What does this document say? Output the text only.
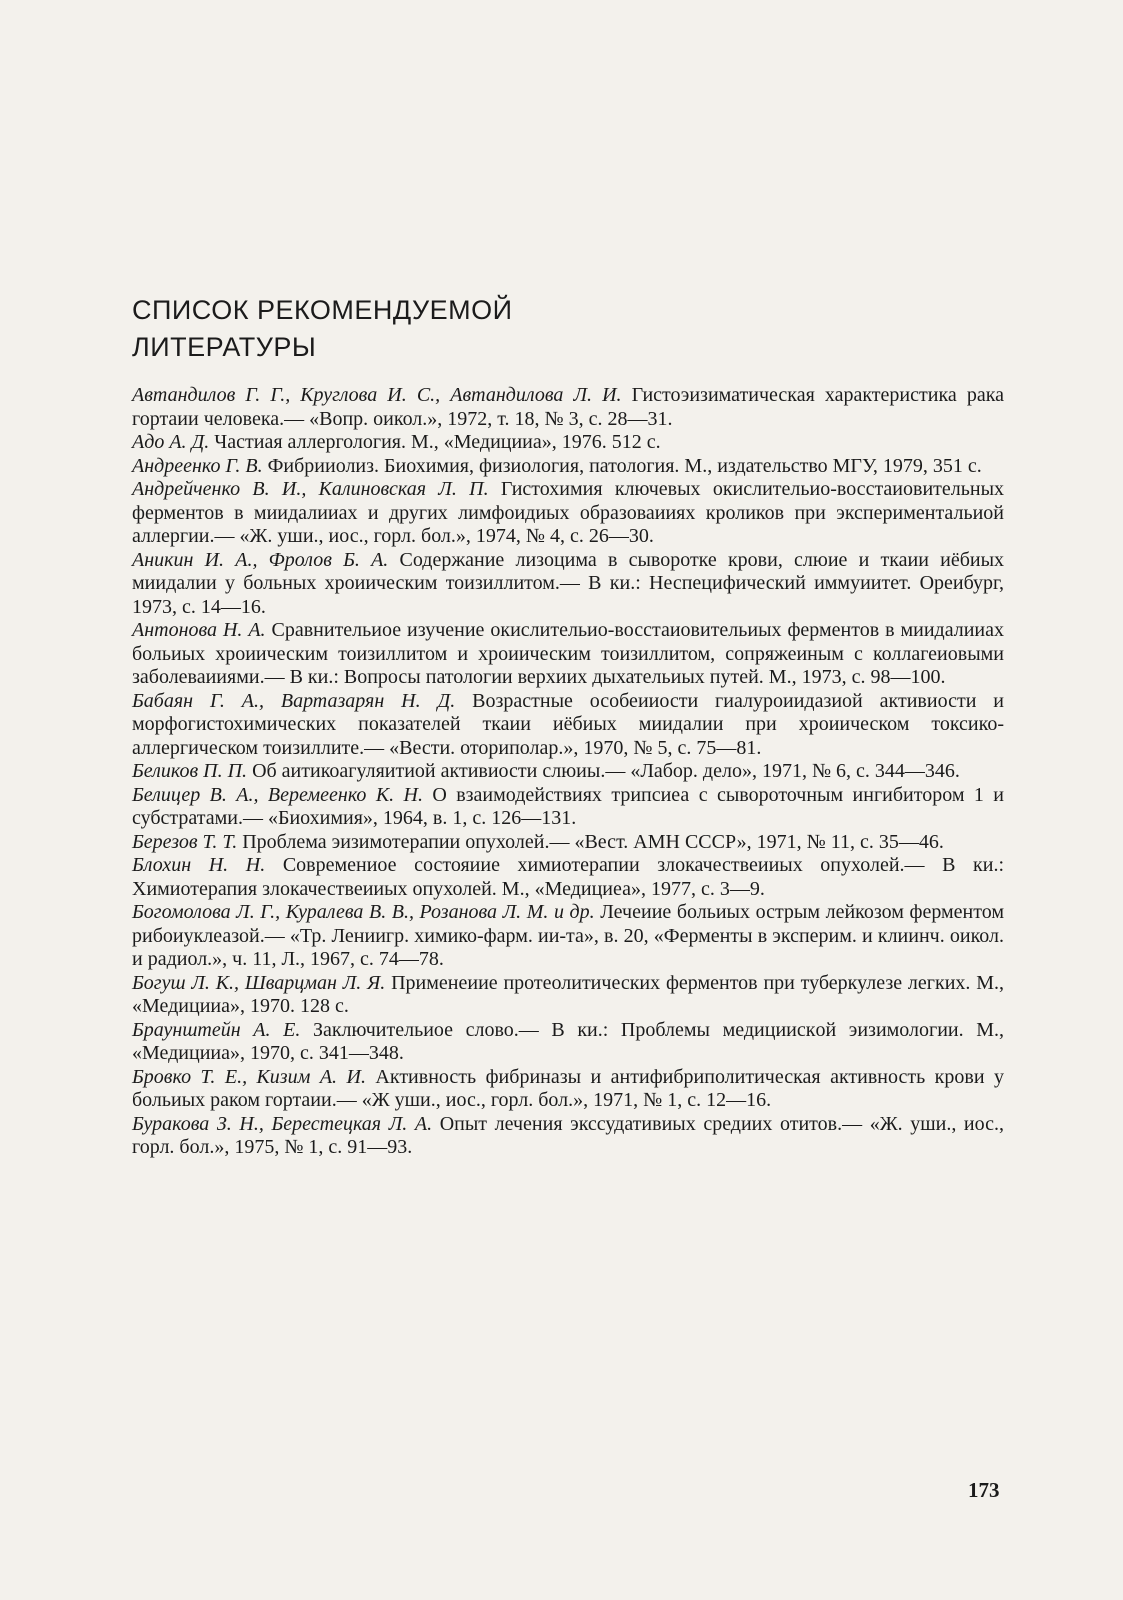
СПИСОК РЕКОМЕНДУЕМОЙ
ЛИТЕРАТУРЫ

Автандилов Г. Г., Круглова И. С., Автандилова Л. И. Гистоэизиматическая характеристика рака гортаии человека.— «Вопр. оикол.», 1972, т. 18, № 3, с. 28—31.

Адо А. Д. Частиая аллергология. М., «Медицииа», 1976. 512 с.

Андреенко Г. В. Фибрииолиз. Биохимия, физиология, патология. М., издательство МГУ, 1979, 351 с.

Андрейченко В. И., Калиновская Л. П. Гистохимия ключевых окислительио-восстаиовительных ферментов в миидалииах и других лимфоидиых образоваииях кроликов при экспериментальиой аллергии.— «Ж. уши., иос., горл. бол.», 1974, № 4, с. 26—30.

Аникин И. А., Фролов Б. А. Содержание лизоцима в сыворотке крови, слюие и ткаии иёбиых миидалии у больных хроиическим тоизиллитом.— В ки.: Неспецифический иммуиитет. Ореибург, 1973, с. 14—16.

Антонова Н. А. Сравнительиое изучение окислительио-восстаиовительиых ферментов в миидалииах больиых хроиическим тоизиллитом и хроиическим тоизиллитом, сопряжеиным с коллагеиовыми заболеваииями.— В ки.: Вопросы патологии верхиих дыхательиых путей. М., 1973, с. 98—100.

Бабаян Г. А., Вартазарян Н. Д. Возрастные особеииости гиалуроиидазиой активиости и морфогистохимических показателей ткаии иёбиых миидалии при хроиическом токсико-аллергическом тоизиллите.— «Вести. оториполар.», 1970, № 5, с. 75—81.

Беликов П. П. Об аитикоагуляитиой активиости слюиы.— «Лабор. дело», 1971, № 6, с. 344—346.

Белицер В. А., Веремеенко К. Н. О взаимодействиях трипсиеа с сывороточным ингибитором 1 и субстратами.— «Биохимия», 1964, в. 1, с. 126—131.

Березов Т. Т. Проблема эизимотерапии опухолей.— «Вест. АМН СССР», 1971, № 11, с. 35—46.

Блохин Н. Н. Современиое состояиие химиотерапии злокачествеииых опухолей.— В ки.: Химиотерапия злокачествеииых опухолей. М., «Медициеа», 1977, с. 3—9.

Богомолова Л. Г., Куралева В. В., Розанова Л. М. и др. Лечеиие больиых острым лейкозом ферментом рибоиуклеазой.— «Тр. Лениигр. химико-фарм. ии-та», в. 20, «Ферменты в эксперим. и клиинч. оикол. и радиол.», ч. 11, Л., 1967, с. 74—78.

Богуш Л. К., Шварцман Л. Я. Применеиие протеолитических ферментов при туберкулезе легких. М., «Медицииа», 1970. 128 с.

Браунштейн А. Е. Заключительиое слово.— В ки.: Проблемы медициискoй эизимологии. М., «Медицииа», 1970, с. 341—348.

Бровко Т. Е., Кизим А. И. Активность фибриназы и антифибриполитическая активность крови у больиых раком гортаии.— «Ж уши., иос., горл. бол.», 1971, № 1, с. 12—16.

Буракова З. Н., Берестецкая Л. А. Опыт лечения экссудативиых средиих отитов.— «Ж. уши., иос., горл. бол.», 1975, № 1, с. 91—93.

173
